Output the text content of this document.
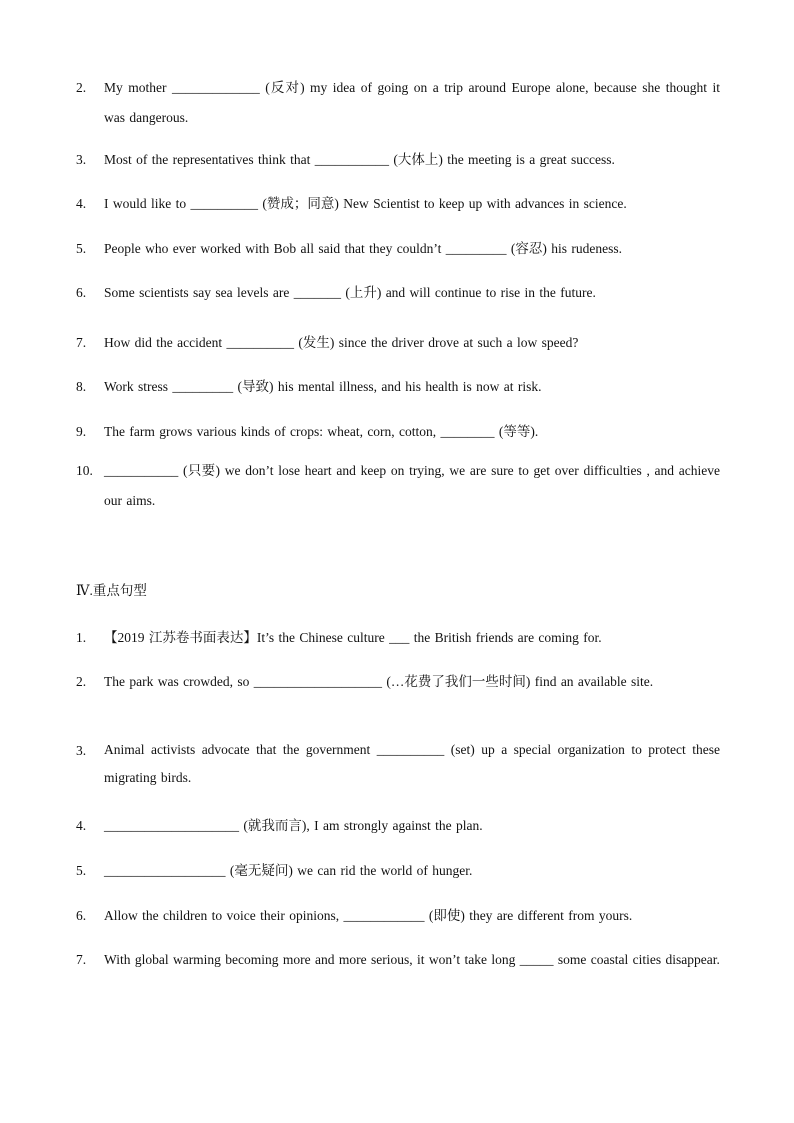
2.	My mother _____________ (反对) my idea of going on a trip around Europe alone, because she thought it was dangerous.
3.	Most of the representatives think that ___________ (大体上) the meeting is a great success.
4.	I would like to __________ (赞成；同意) New Scientist to keep up with advances in science.
5.	People who ever worked with Bob all said that they couldn’t _________ (容忍) his rudeness.
6.	Some scientists say sea levels are _______ (上升) and will continue to rise in the future.
7.	How did the accident __________ (发生) since the driver drove at such a low speed?
8.	Work stress _________ (导致) his mental illness, and his health is now at risk.
9.	The farm grows various kinds of crops: wheat, corn, cotton, ________ (等等).
10. ___________ (只要) we don’t lose heart and keep on trying, we are sure to get over difficulties , and achieve our aims.
Ⅳ.重点句型
1.	【2019 江苏卷书面表达】It’s the Chinese culture ___ the British friends are coming for.
2.	The park was crowded, so ___________________ (…花费了我们一些时间) find an available site.
3.	Animal activists advocate that the government __________ (set) up a special organization to protect these migrating birds.
4.	____________________ (就我而言), I am strongly against the plan.
5.	__________________ (毫无疑问) we can rid the world of hunger.
6.	Allow the children to voice their opinions, ____________ (即使) they are different from yours.
7.	With global warming becoming more and more serious, it won’t take long _____ some coastal cities disappear.
